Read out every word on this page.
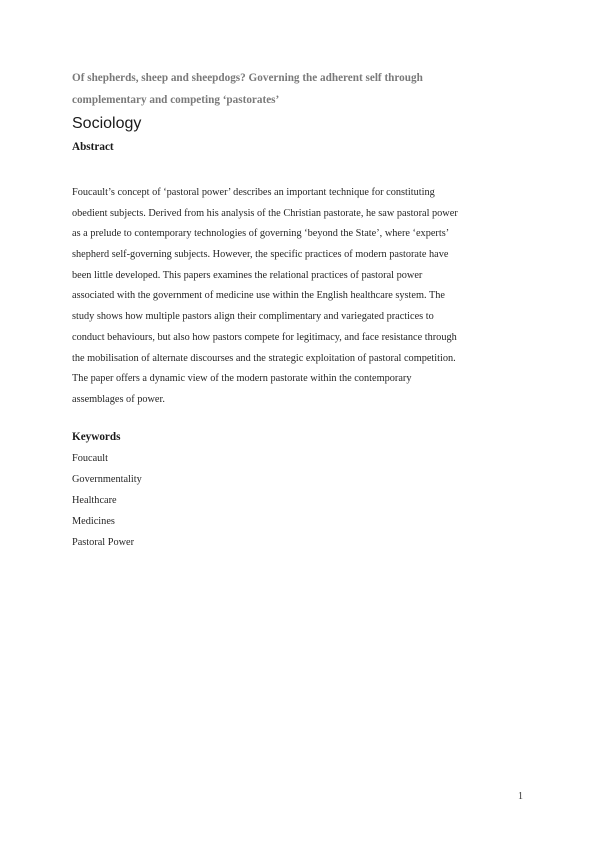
Of shepherds, sheep and sheepdogs? Governing the adherent self through
complementary and competing ‘pastorates’
Sociology
Abstract
Foucault’s concept of ‘pastoral power’ describes an important technique for constituting
obedient subjects. Derived from his analysis of the Christian pastorate, he saw pastoral power
as a prelude to contemporary technologies of governing ‘beyond the State’, where ‘experts’
shepherd self-governing subjects. However, the specific practices of modern pastorate have
been little developed. This papers examines the relational practices of pastoral power
associated with the government of medicine use within the English healthcare system. The
study shows how multiple pastors align their complimentary and variegated practices to
conduct behaviours, but also how pastors compete for legitimacy, and face resistance through
the mobilisation of alternate discourses and the strategic exploitation of pastoral competition.
The paper offers a dynamic view of the modern pastorate within the contemporary
assemblages of power.
Keywords
Foucault
Governmentality
Healthcare
Medicines
Pastoral Power
1
